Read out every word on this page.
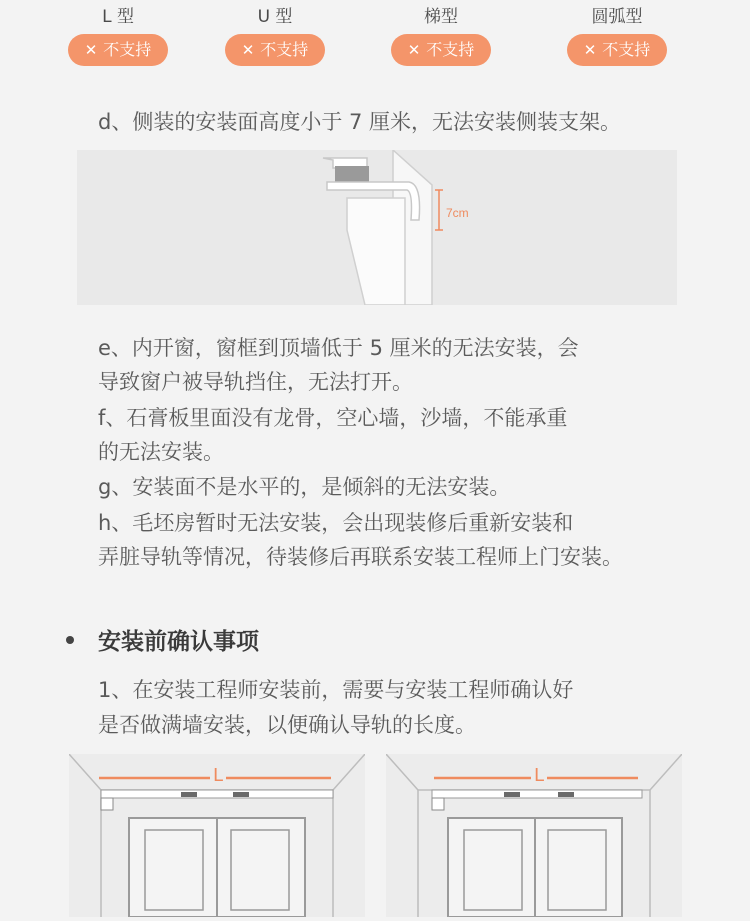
L 型
✕ 不支持
U 型
✕ 不支持
梯型
✕ 不支持
圆弧型
✕ 不支持
d、侧装的安装面高度小于 7 厘米，无法安装侧装支架。
7cm
e、内开窗，窗框到顶墙低于 5 厘米的无法安装，会
导致窗户被导轨挡住，无法打开。
f、石膏板里面没有龙骨，空心墙，沙墙，不能承重
的无法安装。
g、安装面不是水平的，是倾斜的无法安装。
h、毛坯房暂时无法安装，会出现装修后重新安装和
弄脏导轨等情况，待装修后再联系安装工程师上门安装。
安装前确认事项
1、在安装工程师安装前，需要与安装工程师确认好
是否做满墙安装，以便确认导轨的长度。
L	L
